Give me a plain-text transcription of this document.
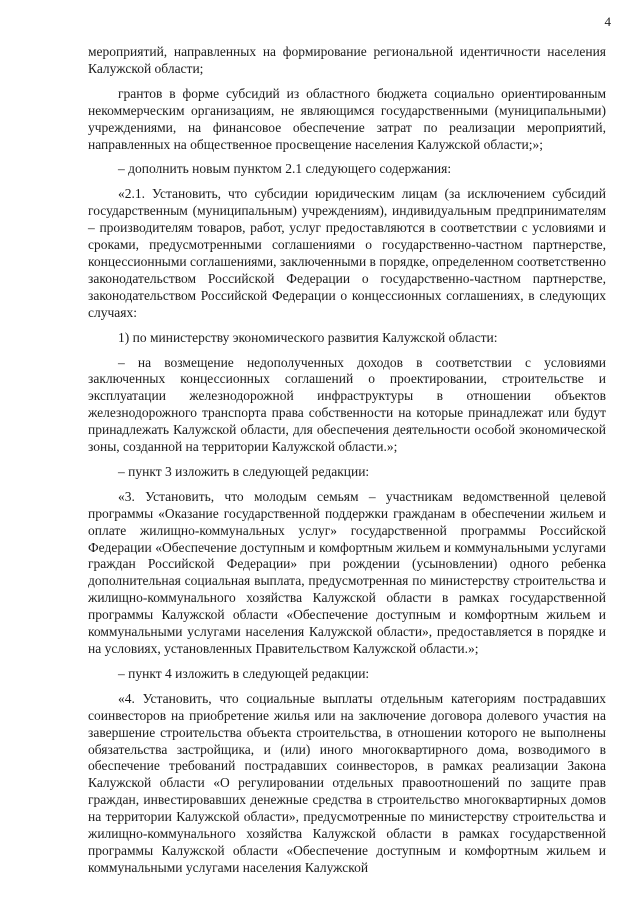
4

мероприятий, направленных на формирование региональной идентичности населения Калужской области;

грантов в форме субсидий из областного бюджета социально ориентированным некоммерческим организациям, не являющимся государственными (муниципальными) учреждениями, на финансовое обеспечение затрат по реализации мероприятий, направленных на общественное просвещение населения Калужской области;»;

– дополнить новым пунктом 2.1 следующего содержания:

«2.1. Установить, что субсидии юридическим лицам (за исключением субсидий государственным (муниципальным) учреждениям), индивидуальным предпринимателям – производителям товаров, работ, услуг предоставляются в соответствии с условиями и сроками, предусмотренными соглашениями о государственно-частном партнерстве, концессионными соглашениями, заключенными в порядке, определенном соответственно законодательством Российской Федерации о государственно-частном партнерстве, законодательством Российской Федерации о концессионных соглашениях, в следующих случаях:

1) по министерству экономического развития Калужской области:

– на возмещение недополученных доходов в соответствии с условиями заключенных концессионных соглашений о проектировании, строительстве и эксплуатации железнодорожной инфраструктуры в отношении объектов железнодорожного транспорта права собственности на которые принадлежат или будут принадлежать Калужской области, для обеспечения деятельности особой экономической зоны, созданной на территории Калужской области.»;

– пункт 3 изложить в следующей редакции:

«3. Установить, что молодым семьям – участникам ведомственной целевой программы «Оказание государственной поддержки гражданам в обеспечении жильем и оплате жилищно-коммунальных услуг» государственной программы Российской Федерации «Обеспечение доступным и комфортным жильем и коммунальными услугами граждан Российской Федерации» при рождении (усыновлении) одного ребенка дополнительная социальная выплата, предусмотренная по министерству строительства и жилищно-коммунального хозяйства Калужской области в рамках государственной программы Калужской области «Обеспечение доступным и комфортным жильем и коммунальными услугами населения Калужской области», предоставляется в порядке и на условиях, установленных Правительством Калужской области.»;

– пункт 4 изложить в следующей редакции:

«4. Установить, что социальные выплаты отдельным категориям пострадавших соинвесторов на приобретение жилья или на заключение договора долевого участия на завершение строительства объекта строительства, в отношении которого не выполнены обязательства застройщика, и (или) иного многоквартирного дома, возводимого в обеспечение требований пострадавших соинвесторов, в рамках реализации Закона Калужской области «О регулировании отдельных правоотношений по защите прав граждан, инвестировавших денежные средства в строительство многоквартирных домов на территории Калужской области», предусмотренные по министерству строительства и жилищно-коммунального хозяйства Калужской области в рамках государственной программы Калужской области «Обеспечение доступным и комфортным жильем и коммунальными услугами населения Калужской
